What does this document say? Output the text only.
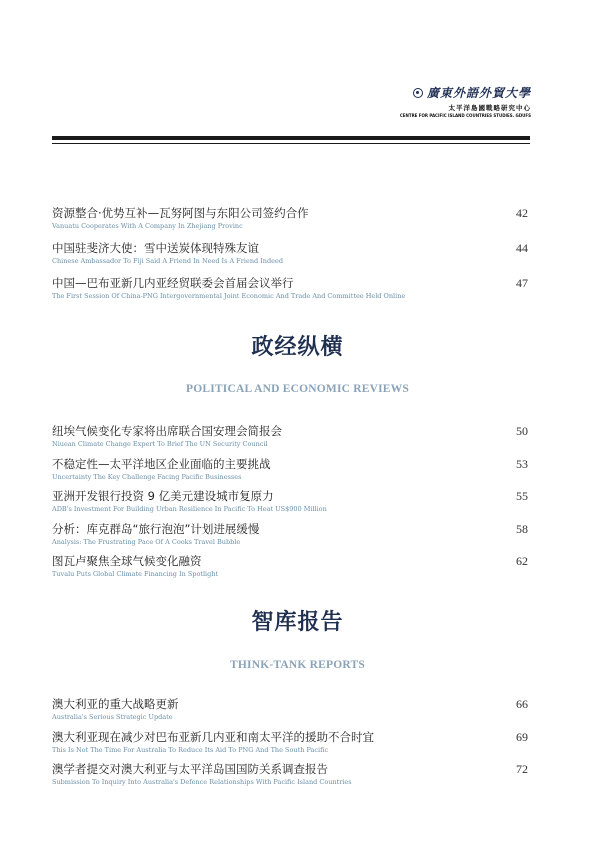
廣東外語外貿大學
太平洋島國戰略研究中心
CENTRE FOR PACIFIC ISLAND COUNTRIES STUDIES. GDUFS
资源整合·优势互补—瓦努阿图与东阳公司签约合作
Vanuatu Cooperates With A Company In Zhejiang Provinc
42
中国驻斐济大使：雪中送炭体现特殊友谊
Chinese Ambassador To Fiji Said A Friend In Need Is A Friend Indeed
44
中国—巴布亚新几内亚经贸联委会首届会议举行
The First Session Of China-PNG Intergovernmental Joint Economic And Trade And Committee Held Online
47
政经纵横
POLITICAL AND ECONOMIC REVIEWS
纽埃气候变化专家将出席联合国安理会简报会
Niuean Climate Change Expert To Brief The UN Security Council
50
不稳定性—太平洋地区企业面临的主要挑战
Uncertainty The Key Challenge Facing Pacific Businesses
53
亚洲开发银行投资 9 亿美元建设城市复原力
ADB's Investment For Building Urban Resilience In Pacific To Heat US$900 Million
55
分析：库克群岛“旅行泡泡”计划进展缓慢
Analysis: The Frustrating Pace Of A Cooks Travel Bubble
58
图瓦卢聚焦全球气候变化融资
Tuvalu Puts Global Climate Financing In Spotlight
62
智库报告
THINK-TANK REPORTS
澳大利亚的重大战略更新
Australia's Serious Strategic Update
66
澳大利亚现在减少对巴布亚新几内亚和南太平洋的援助不合时宜
This Is Not The Time For Australia To Reduce Its Aid To PNG And The South Pacific
69
澳学者提交对澳大利亚与太平洋岛国国防关系调查报告
Submission To Inquiry Into Australia's Defence Relationships With Pacific Island Countries
72
